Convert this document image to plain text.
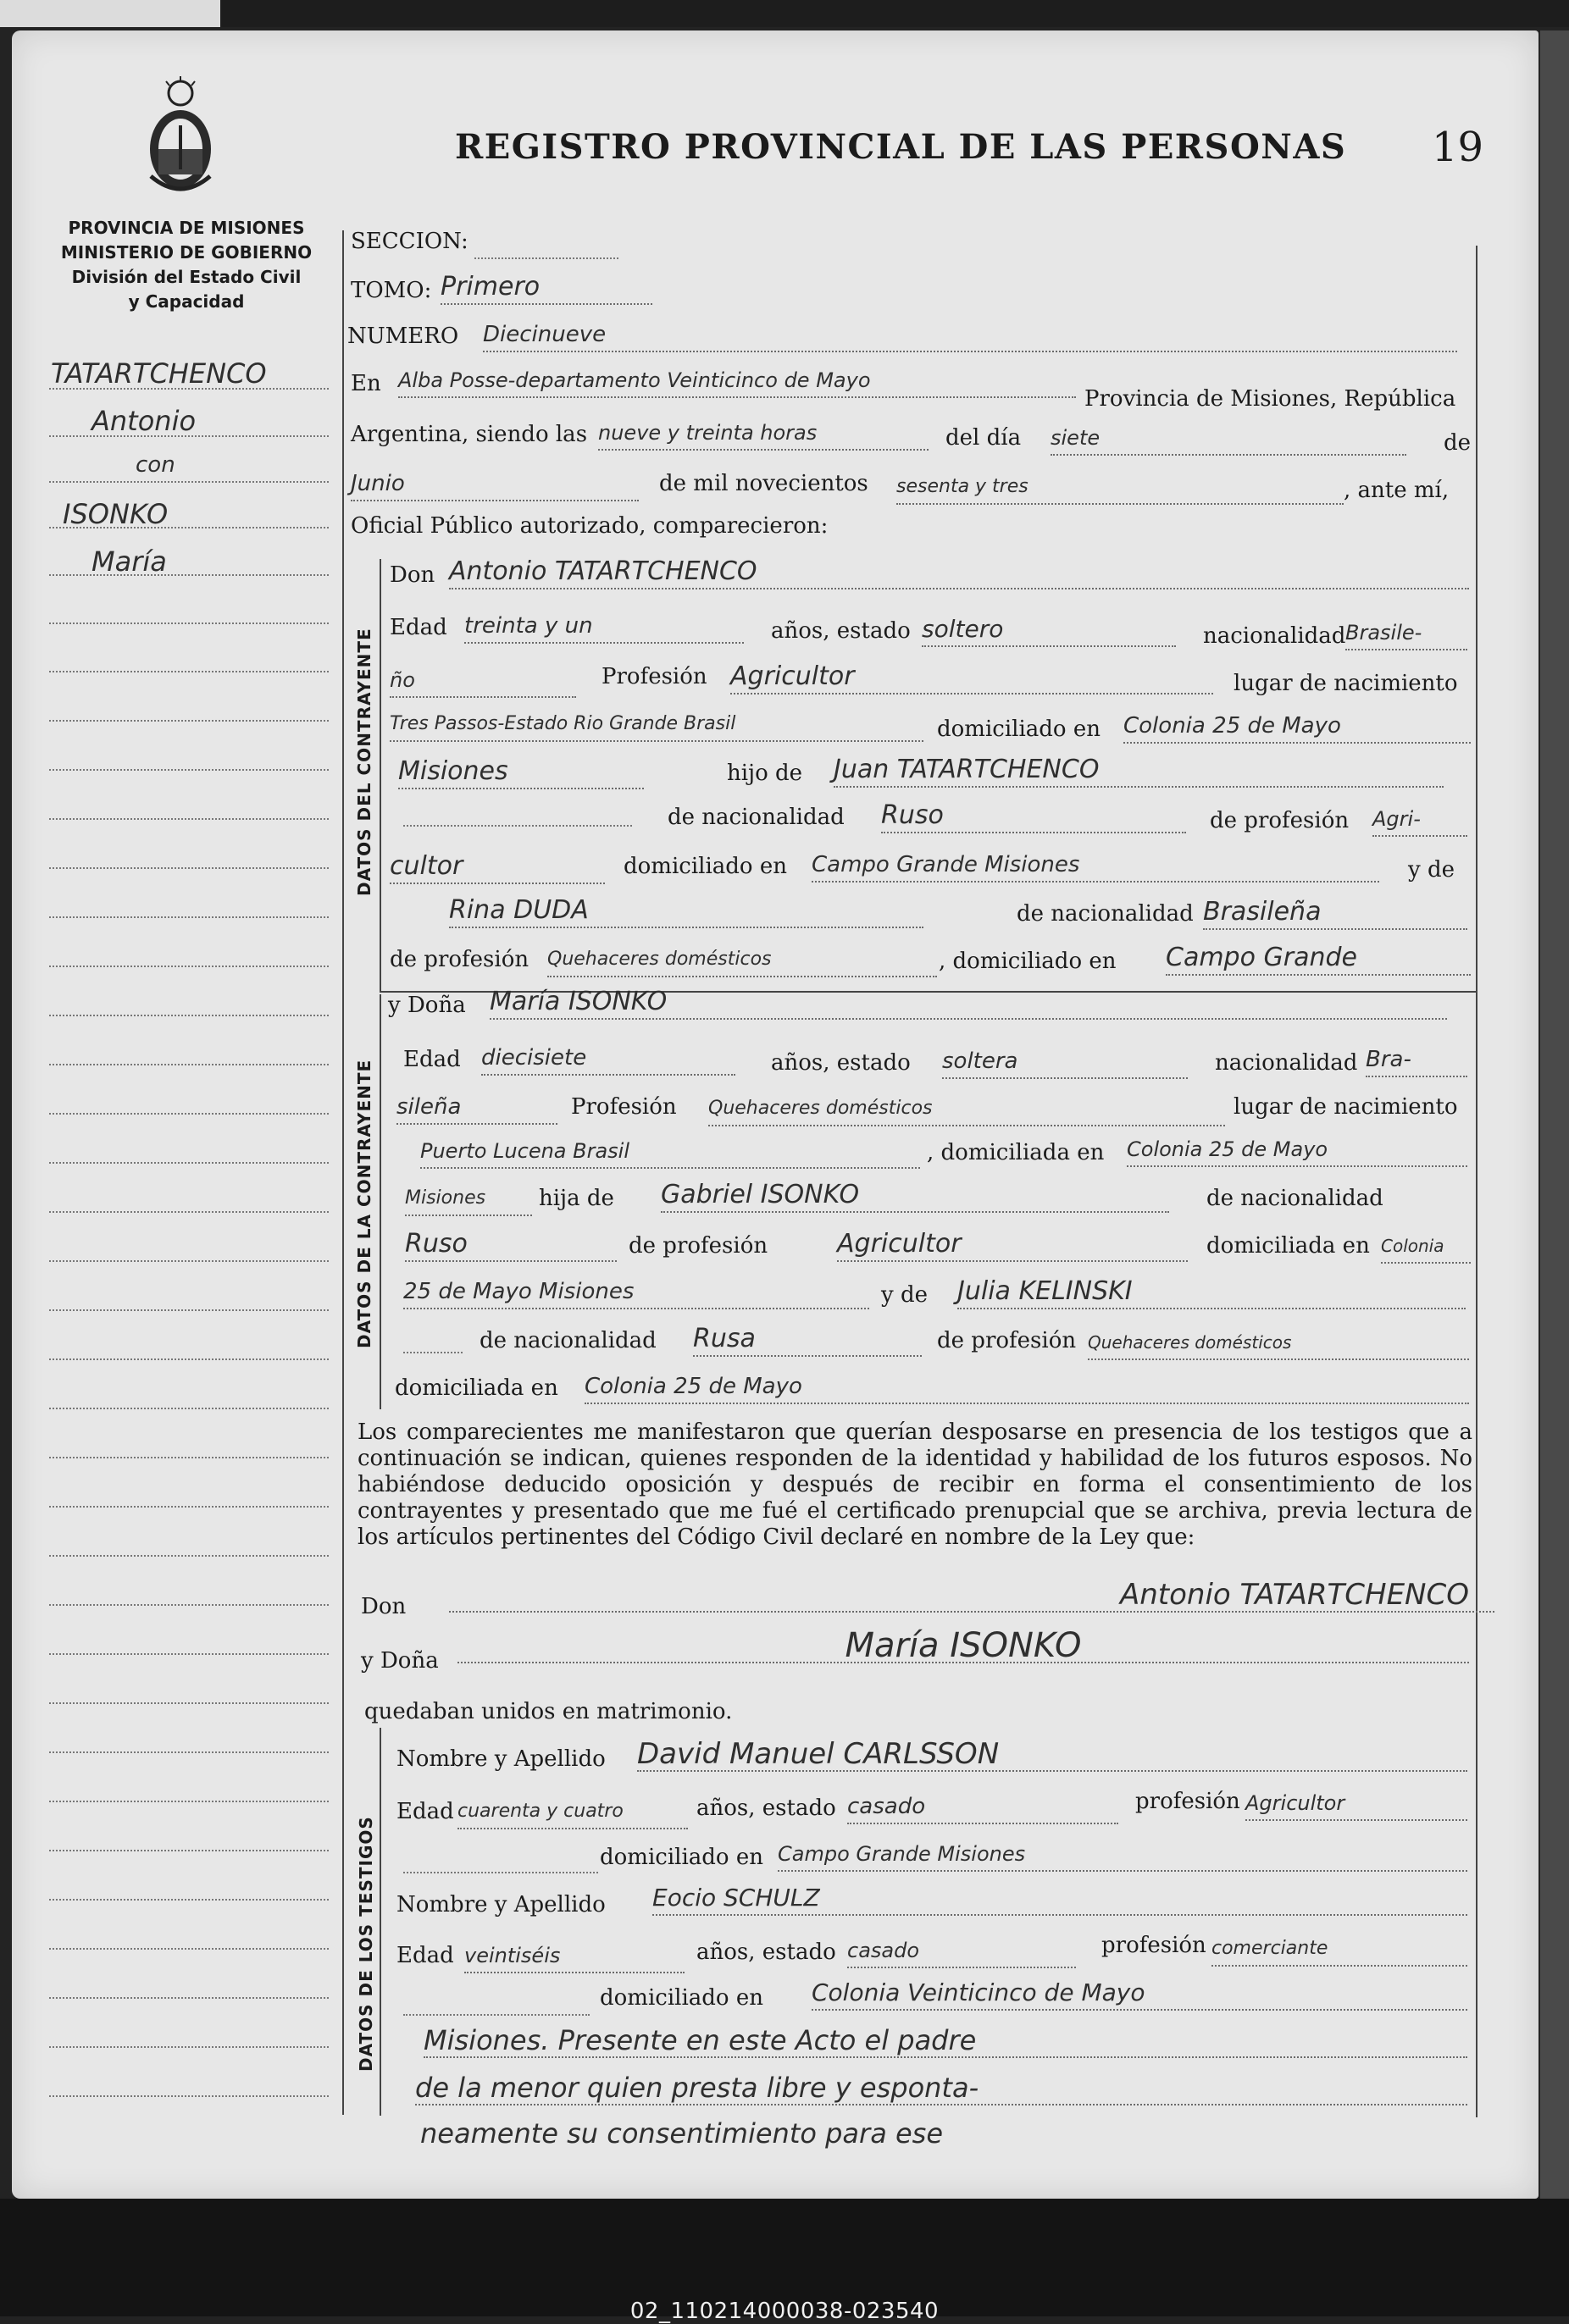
REGISTRO PROVINCIAL DE LAS PERSONAS 19
PROVINCIA DE MISIONES
MINISTERIO DE GOBIERNO
División del Estado Civil
y Capacidad
TATARTCHENCO
Antonio
con
ISONKO
María
SECCION:
TOMO: Primero
NUMERO Diecinueve
En Alba Posse-departamento Veinticinco de Mayo
Provincia de Misiones, República
Argentina, siendo las nueve y treinta horas	del día siete	de
Junio	de mil novecientos sesenta y tres	, ante mí,
Oficial Público autorizado, comparecieron:
DATOS DEL CONTRAYENTE
Don Antonio TATARTCHENCO
Edad treinta y un	años, estado soltero	nacionalidad Brasile-
ño	Profesión Agricultor	lugar de nacimiento
Tres Passos-Estado Rio Grande Brasil	domiciliado en Colonia 25 de Mayo
Misiones	hijo de Juan TATARTCHENCO
de nacionalidad Ruso	de profesión Agri-
cultor	domiciliado en Campo Grande Misiones	y de
Rina DUDA	de nacionalidad Brasileña
de profesión Quehaceres domésticos	, domiciliado en Campo Grande
DATOS DE LA CONTRAYENTE
y Doña María ISONKO
Edad diecisiete	años, estado soltera	nacionalidad Bra-
sileña	Profesión Quehaceres domésticos	lugar de nacimiento
Puerto Lucena Brasil	, domiciliada en Colonia 25 de Mayo
Misiones	hija de Gabriel ISONKO	de nacionalidad
Ruso	de profesión	Agricultor	domiciliada en Colonia
25 de Mayo Misiones	y de Julia KELINSKI
de nacionalidad Rusa	de profesión Quehaceres domésticos
domiciliada en Colonia 25 de Mayo
Los comparecientes me manifestaron que querían desposarse en presencia de los testigos que a continuación se indican, quienes responden de la identidad y habilidad de los futuros esposos. No habiéndose deducido oposición y después de recibir en forma el consentimiento de los contrayentes y presentado que me fué el certificado prenupcial que se archiva, previa lectura de los artículos pertinentes del Código Civil declaré en nombre de la Ley que:
Don	Antonio TATARTCHENCO
y Doña	María ISONKO
quedaban unidos en matrimonio.
DATOS DE LOS TESTIGOS
Nombre y Apellido David Manuel CARLSSON
Edad cuarenta y cuatro	años, estado casado	profesión Agricultor
domiciliado en Campo Grande Misiones
Nombre y Apellido Eocio SCHULZ
Edad veintiséis	años, estado casado	profesión comerciante
domiciliado en Colonia Veinticinco de Mayo
Misiones. Presente en este Acto el padre
de la menor quien presta libre y esponta-
neamente su consentimiento para ese
02_110214000038-023540
